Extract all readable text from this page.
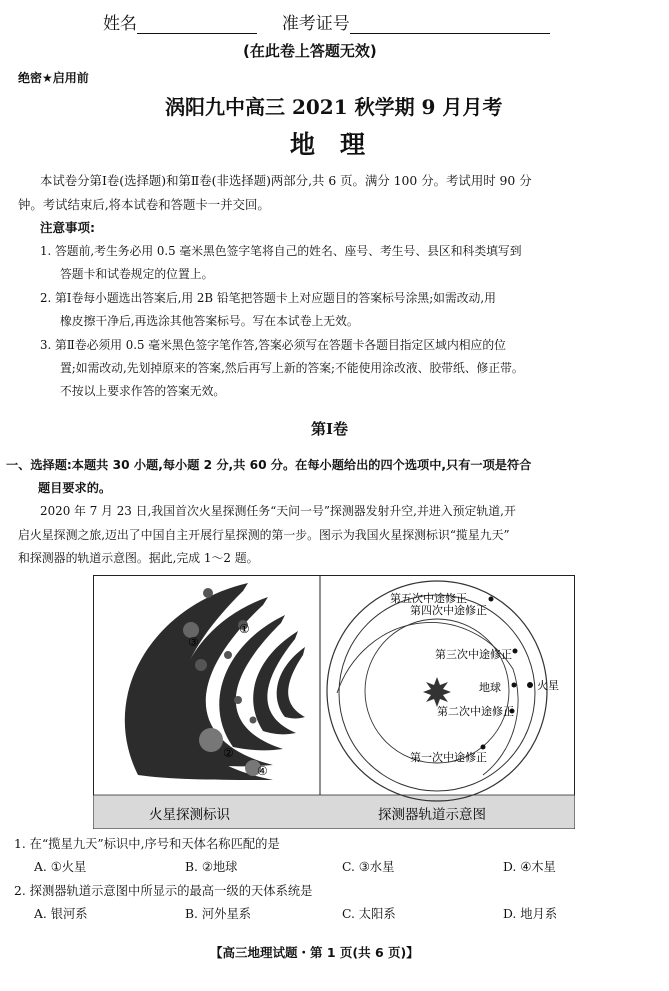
姓名	准考证号
(在此卷上答题无效)
绝密★启用前
涡阳九中高三 2021 秋学期 9 月月考
地　理
本试卷分第Ⅰ卷(选择题)和第Ⅱ卷(非选择题)两部分,共 6 页。满分 100 分。考试用时 90 分
钟。考试结束后,将本试卷和答题卡一并交回。
注意事项:
1. 答题前,考生务必用 0.5 毫米黑色签字笔将自己的姓名、座号、考生号、县区和科类填写到
答题卡和试卷规定的位置上。
2. 第Ⅰ卷每小题选出答案后,用 2B 铅笔把答题卡上对应题目的答案标号涂黑;如需改动,用
橡皮擦干净后,再选涂其他答案标号。写在本试卷上无效。
3. 第Ⅱ卷必须用 0.5 毫米黑色签字笔作答,答案必须写在答题卡各题目指定区域内相应的位
置;如需改动,先划掉原来的答案,然后再写上新的答案;不能使用涂改液、胶带纸、修正带。
不按以上要求作答的答案无效。
第Ⅰ卷
一、选择题:本题共 30 小题,每小题 2 分,共 60 分。在每小题给出的四个选项中,只有一项是符合
题目要求的。
2020 年 7 月 23 日,我国首次火星探测任务“天问一号”探测器发射升空,并进入预定轨道,开
启火星探测之旅,迈出了中国自主开展行星探测的第一步。图示为我国火星探测标识“揽星九天”
和探测器的轨道示意图。据此,完成 1～2 题。
①
②
③
④
第五次中途修正
第四次中途修正
第三次中途修正
地球	火星
第二次中途修正
第一次中途修正
火星探测标识	探测器轨道示意图
1. 在“揽星九天”标识中,序号和天体名称匹配的是
A. ①火星	B. ②地球	C. ③水星	D. ④木星
2. 探测器轨道示意图中所显示的最高一级的天体系统是
A. 银河系	B. 河外星系	C. 太阳系	D. 地月系
【高三地理试题・第 1 页(共 6 页)】
